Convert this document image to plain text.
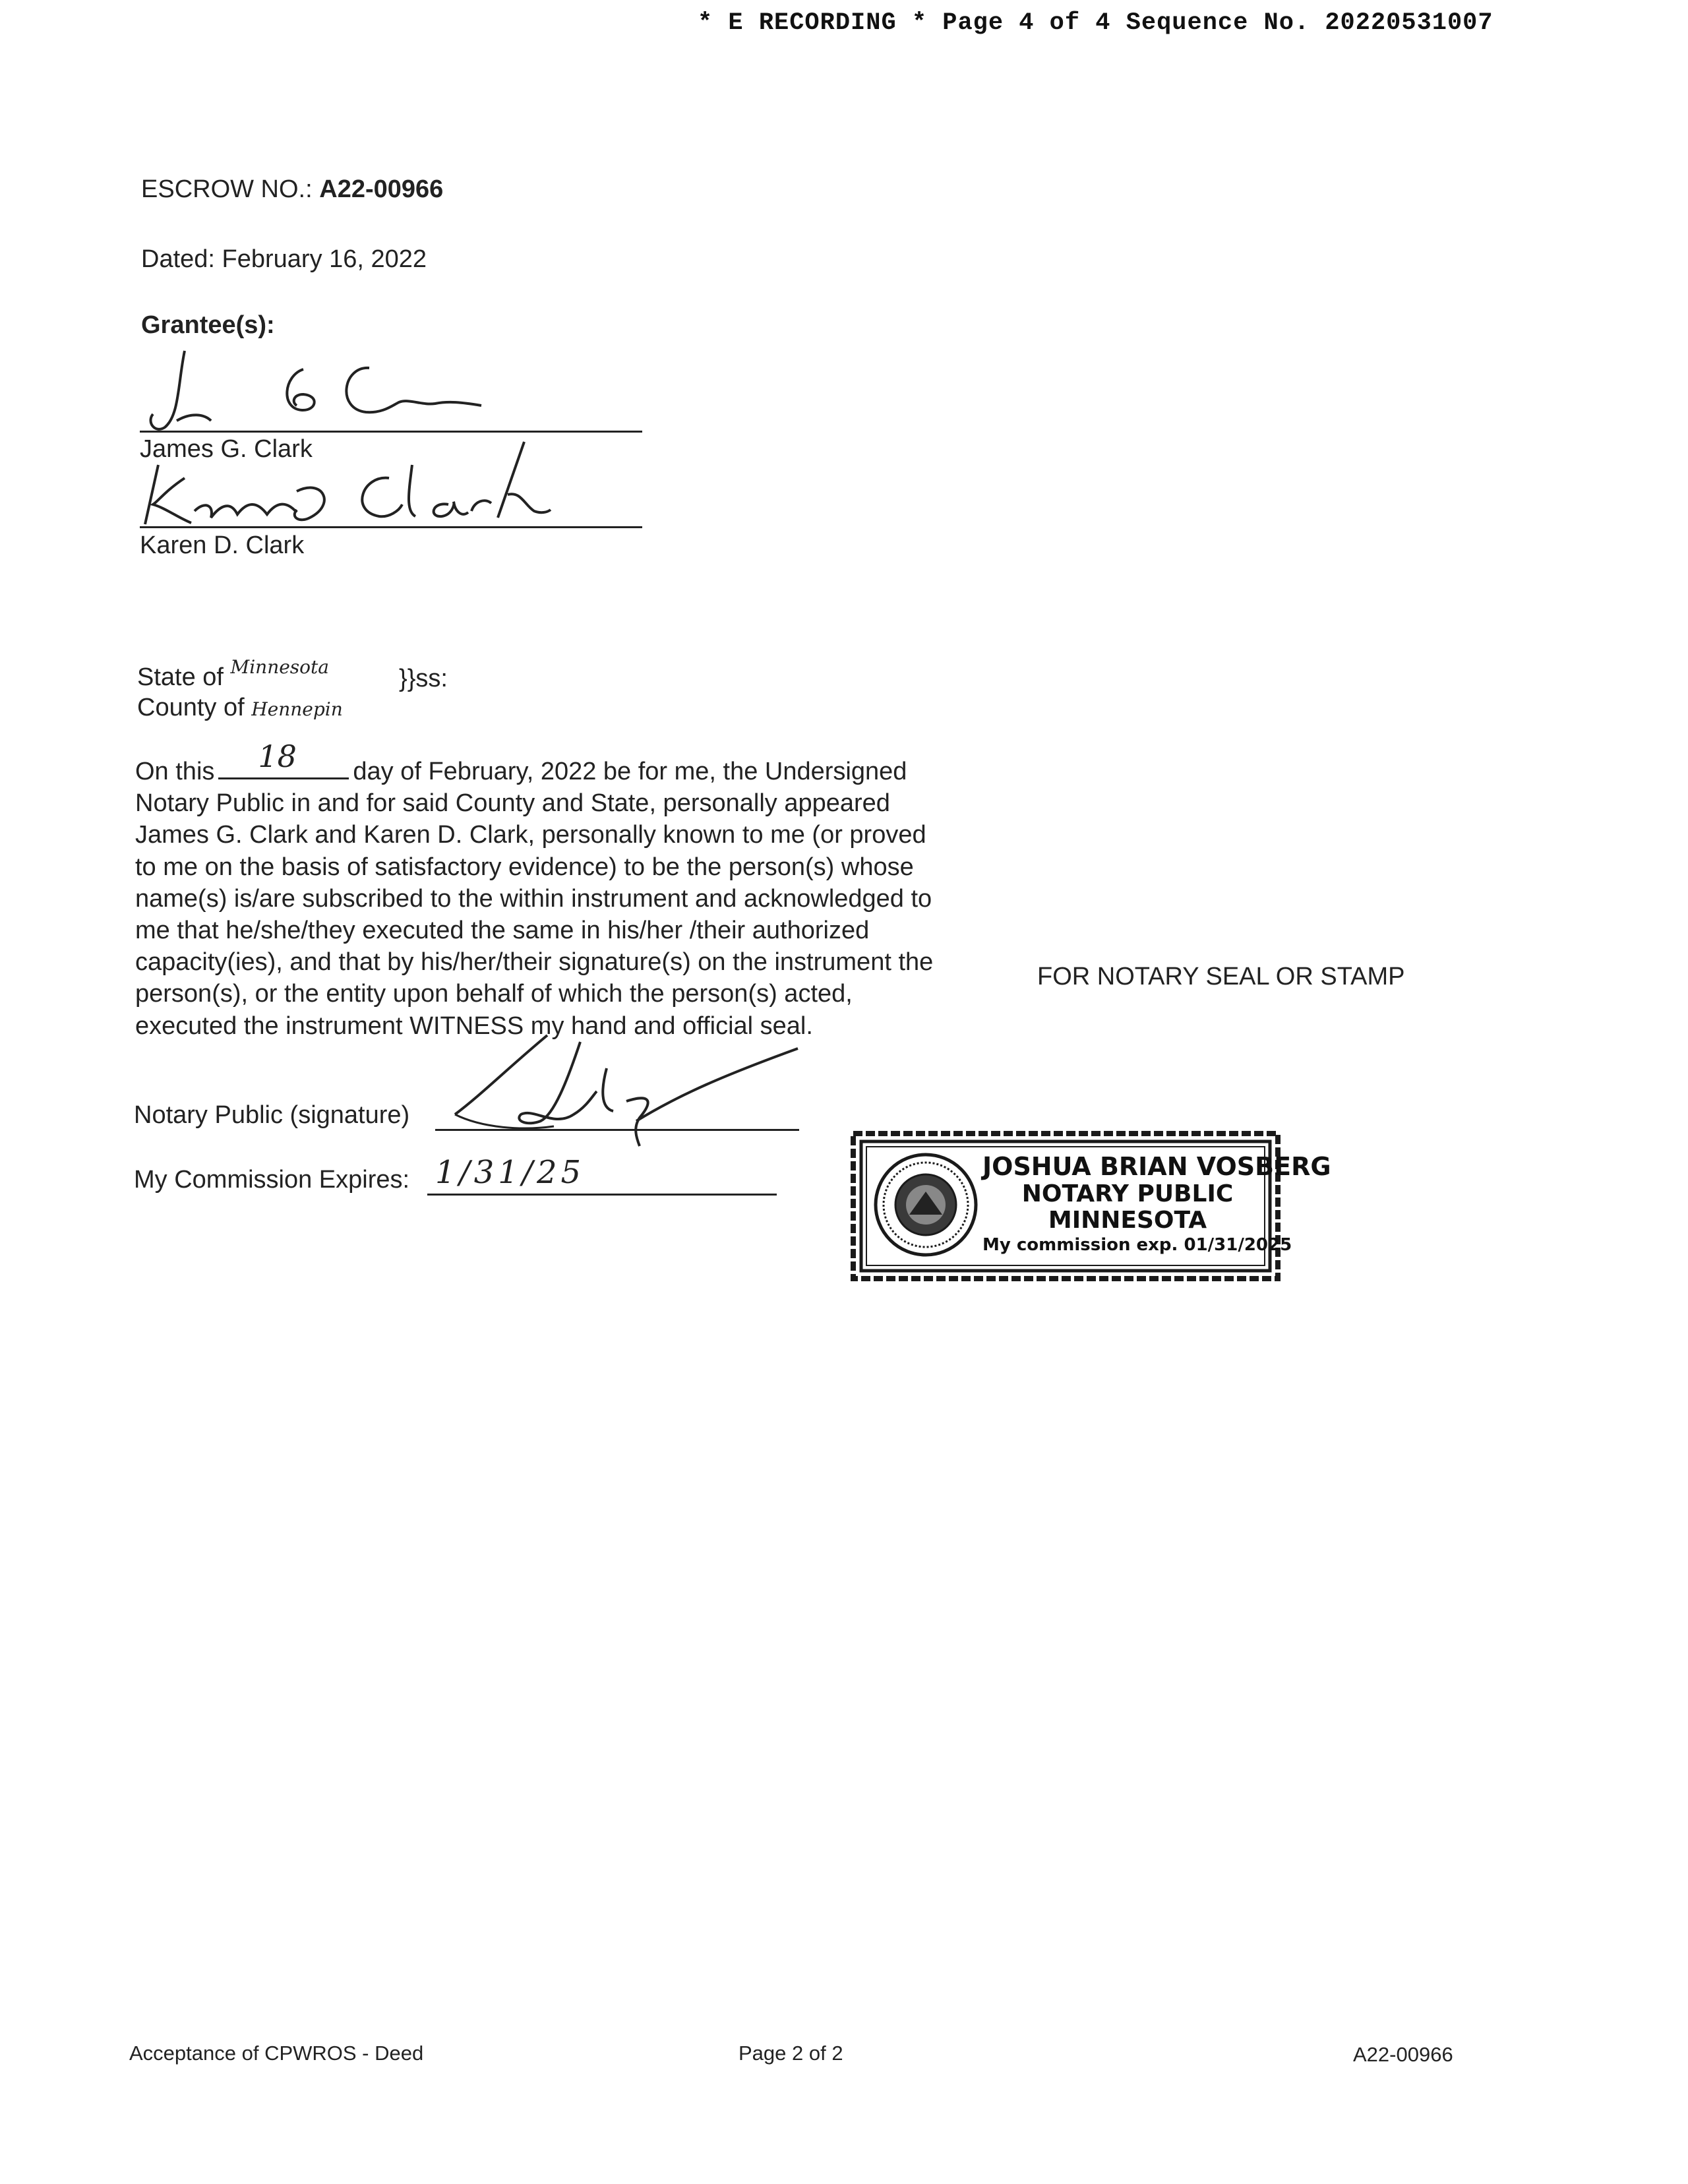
* E RECORDING * Page 4 of 4 Sequence No. 20220531007
ESCROW NO.: A22-00966
Dated: February 16, 2022
Grantee(s):
James G. Clark
Karen D. Clark
State of $^{Minnesota}$	}}ss:
County of Hennepin
On this 18 day of February, 2022 be for me, the Undersigned
Notary Public in and for said County and State, personally appeared
James G. Clark and Karen D. Clark, personally known to me (or proved
to me on the basis of satisfactory evidence) to be the person(s) whose
name(s) is/are subscribed to the within instrument and acknowledged to
me that he/she/they executed the same in his/her /their authorized
capacity(ies), and that by his/her/their signature(s) on the instrument the
person(s), or the entity upon behalf of which the person(s) acted,
executed the instrument WITNESS my hand and official seal.
FOR NOTARY SEAL OR STAMP
Notary Public (signature)
My Commission Expires: 1/31/25	JOSHUA BRIAN VOSBERG
NOTARY PUBLIC
MINNESOTA
My commission exp. 01/31/2025
Acceptance of CPWROS - Deed	Page 2 of 2	A22-00966
